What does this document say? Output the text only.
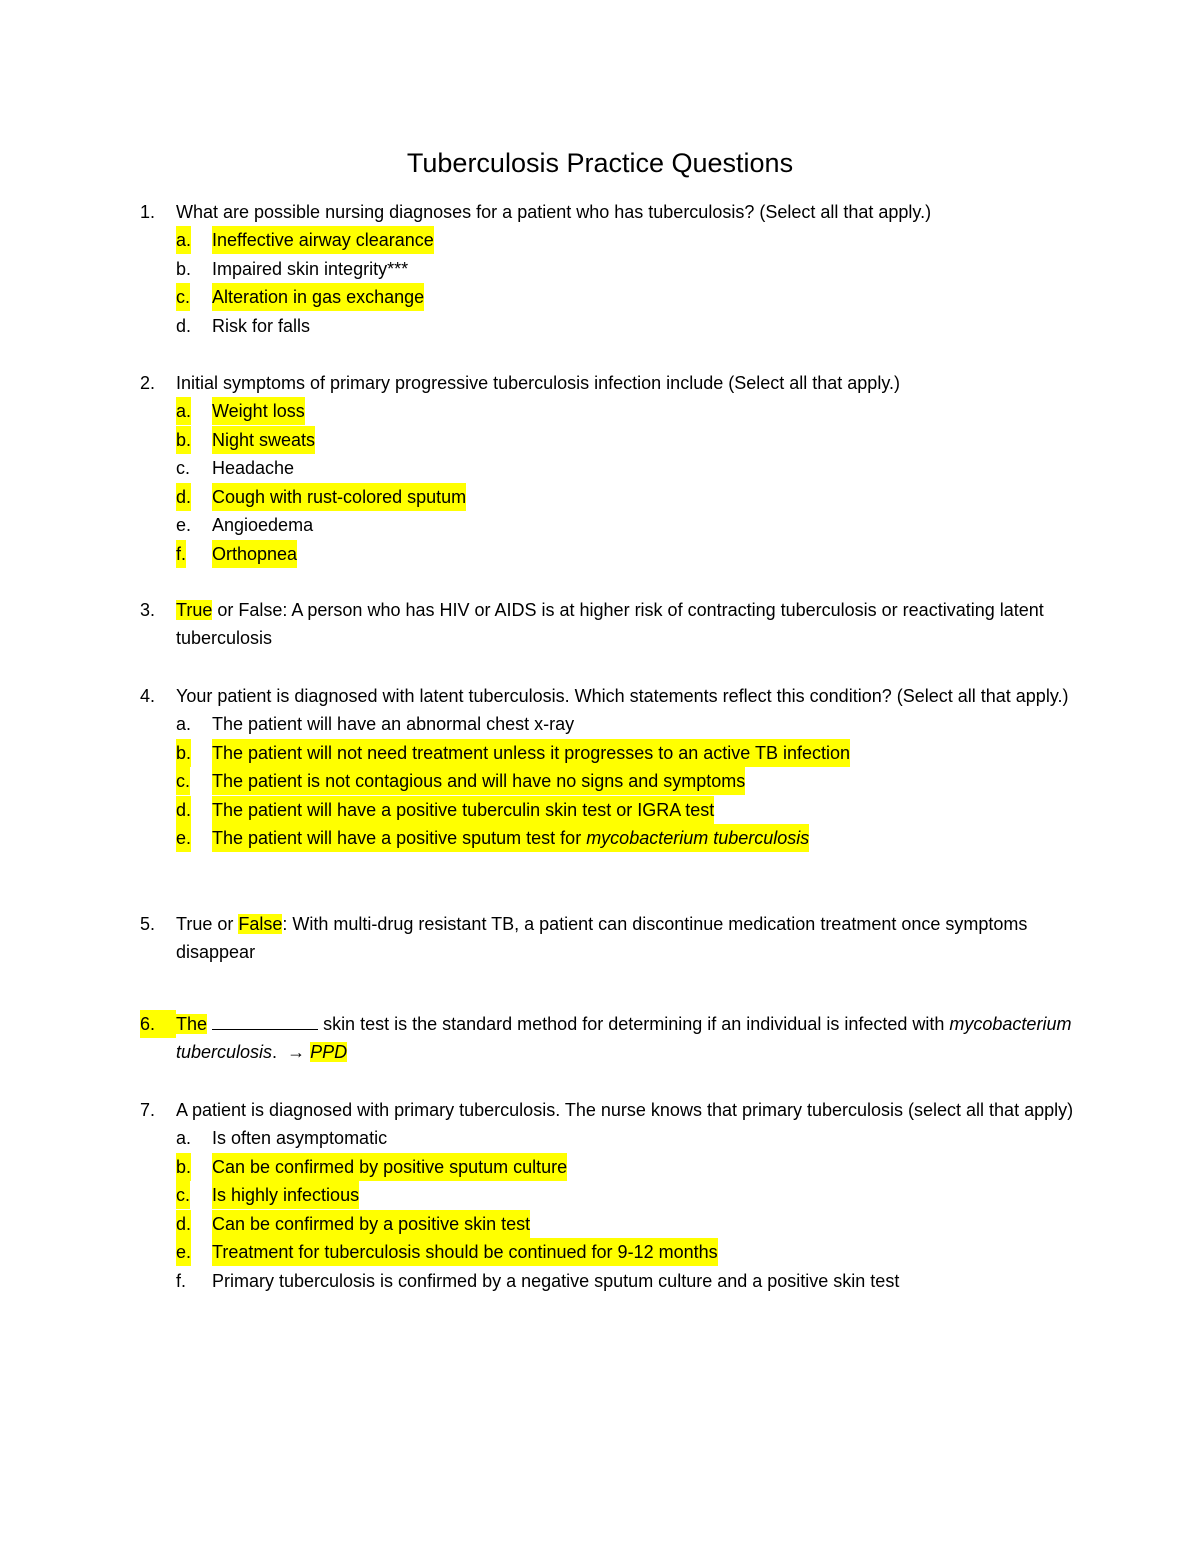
Tuberculosis Practice Questions
1.	What are possible nursing diagnoses for a patient who has tuberculosis? (Select all that apply.)
a. Ineffective airway clearance
b. Impaired skin integrity***
c. Alteration in gas exchange
d. Risk for falls
2.	Initial symptoms of primary progressive tuberculosis infection include (Select all that apply.)
a. Weight loss
b. Night sweats
c. Headache
d. Cough with rust-colored sputum
e. Angioedema
f. Orthopnea
3.	True or False: A person who has HIV or AIDS is at higher risk of contracting tuberculosis or reactivating latent tuberculosis
4.	Your patient is diagnosed with latent tuberculosis. Which statements reflect this condition? (Select all that apply.)
a. The patient will have an abnormal chest x-ray
b. The patient will not need treatment unless it progresses to an active TB infection
c. The patient is not contagious and will have no signs and symptoms
d. The patient will have a positive tuberculin skin test or IGRA test
e. The patient will have a positive sputum test for mycobacterium tuberculosis
5.	True or False: With multi-drug resistant TB, a patient can discontinue medication treatment once symptoms disappear
6.	The	skin test is the standard method for determining if an individual is infected with mycobacterium tuberculosis. → PPD
7.	A patient is diagnosed with primary tuberculosis. The nurse knows that primary tuberculosis (select all that apply)
a. Is often asymptomatic
b. Can be confirmed by positive sputum culture
c. Is highly infectious
d. Can be confirmed by a positive skin test
e. Treatment for tuberculosis should be continued for 9-12 months
f. Primary tuberculosis is confirmed by a negative sputum culture and a positive skin test
